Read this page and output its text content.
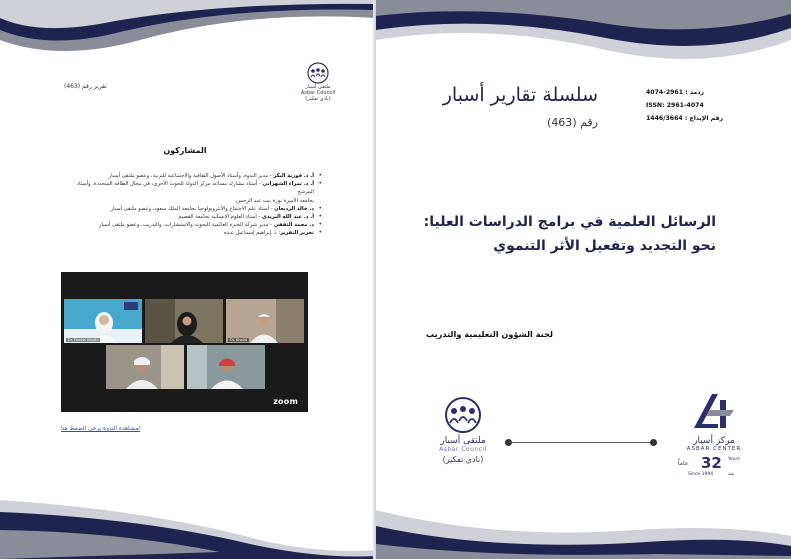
ملتقى أسبار
Asbar Council
(نادي تفكير)
تقرير رقم (463)
المشاركون
• أ. د. فوزية البكر - مدير الندوة، وأستاذ الأصول الثقافية والاجتماعية للتربية، وعضو ملتقى أسبار
• أ. د. ثمراء الشهراني - أستاذ مشارك مساعد مركز الدولة للحوث الأحرى، في مجال الطاقة المتجددة، وأستاذ المرشح
بجامعة الأميرة نورة بنت عبد الرحمن.
• د. خالد الرديعان - أستاذ علم الاجتماع والأنثروبولوجيا بجامعة الملك سعود، وعضو ملتقى أسبار
• أ. د. عبد الله البريدي - أستاذ العلوم الإنسانية بجامعة القصيم
• د. محمد الثقفي - مدير شركة الخبرة العالمية للبحوث والاستشارات، والتدريب، وعضو ملتقى أسبار
• تحرير التقرير: د. إبراهيم إسماعيل عبده
Dr. Fawzia Albakr	Dr. Khalid
zoom
لمشاهدة الندوة يرجى الضغط هنا
ردمد : 2961-4074
ISSN: 2961-4074
رقم الإيداع : 1446/3664
سلسلة تقارير أسبار
رقم (463)
الرسائل العلمية في برامج الدراسات العليا:
نحو التجديد وتفعيل الأثر التنموي
لجنة الشؤون التعليمية والتدريب
ملتقى أسبار
Asbar Council
(نادي تفكير)
مركز أسبار
ASBAR CENTER
عاماً 32 Years
Since 1994	منذ
